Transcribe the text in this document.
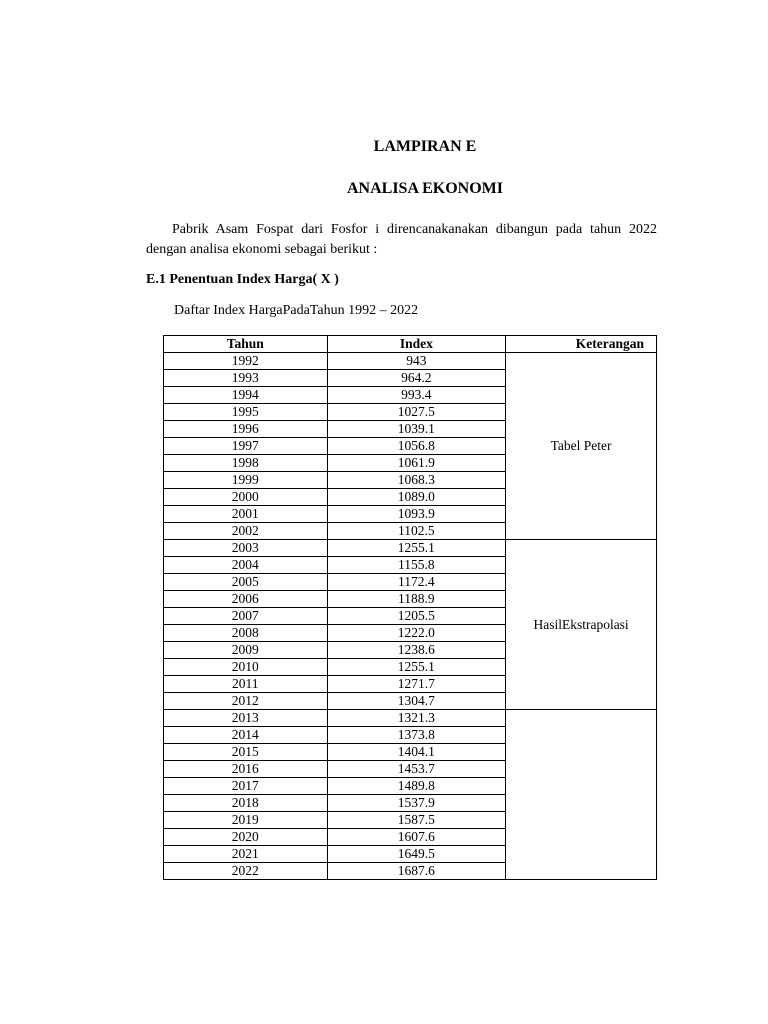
LAMPIRAN E
ANALISA EKONOMI

Pabrik Asam Fospat dari Fosfor i direncanakanakan dibangun pada tahun 2022 dengan analisa ekonomi sebagai berikut :

E.1 Penentuan Index Harga( X )

Daftar Index HargaPadaTahun 1992 – 2022

Tahun	Index	Keterangan
1992	943	Tabel Peter
1993	964.2	
1994	993.4	
1995	1027.5	
1996	1039.1	
1997	1056.8	
1998	1061.9	
1999	1068.3	
2000	1089.0	
2001	1093.9	
2002	1102.5	
2003	1255.1	HasilEkstrapolasi
2004	1155.8	
2005	1172.4	
2006	1188.9	
2007	1205.5	
2008	1222.0	
2009	1238.6	
2010	1255.1	
2011	1271.7	
2012	1304.7	
2013	1321.3	
2014	1373.8	
2015	1404.1	
2016	1453.7	
2017	1489.8	
2018	1537.9	
2019	1587.5	
2020	1607.6	
2021	1649.5	
2022	1687.6	
